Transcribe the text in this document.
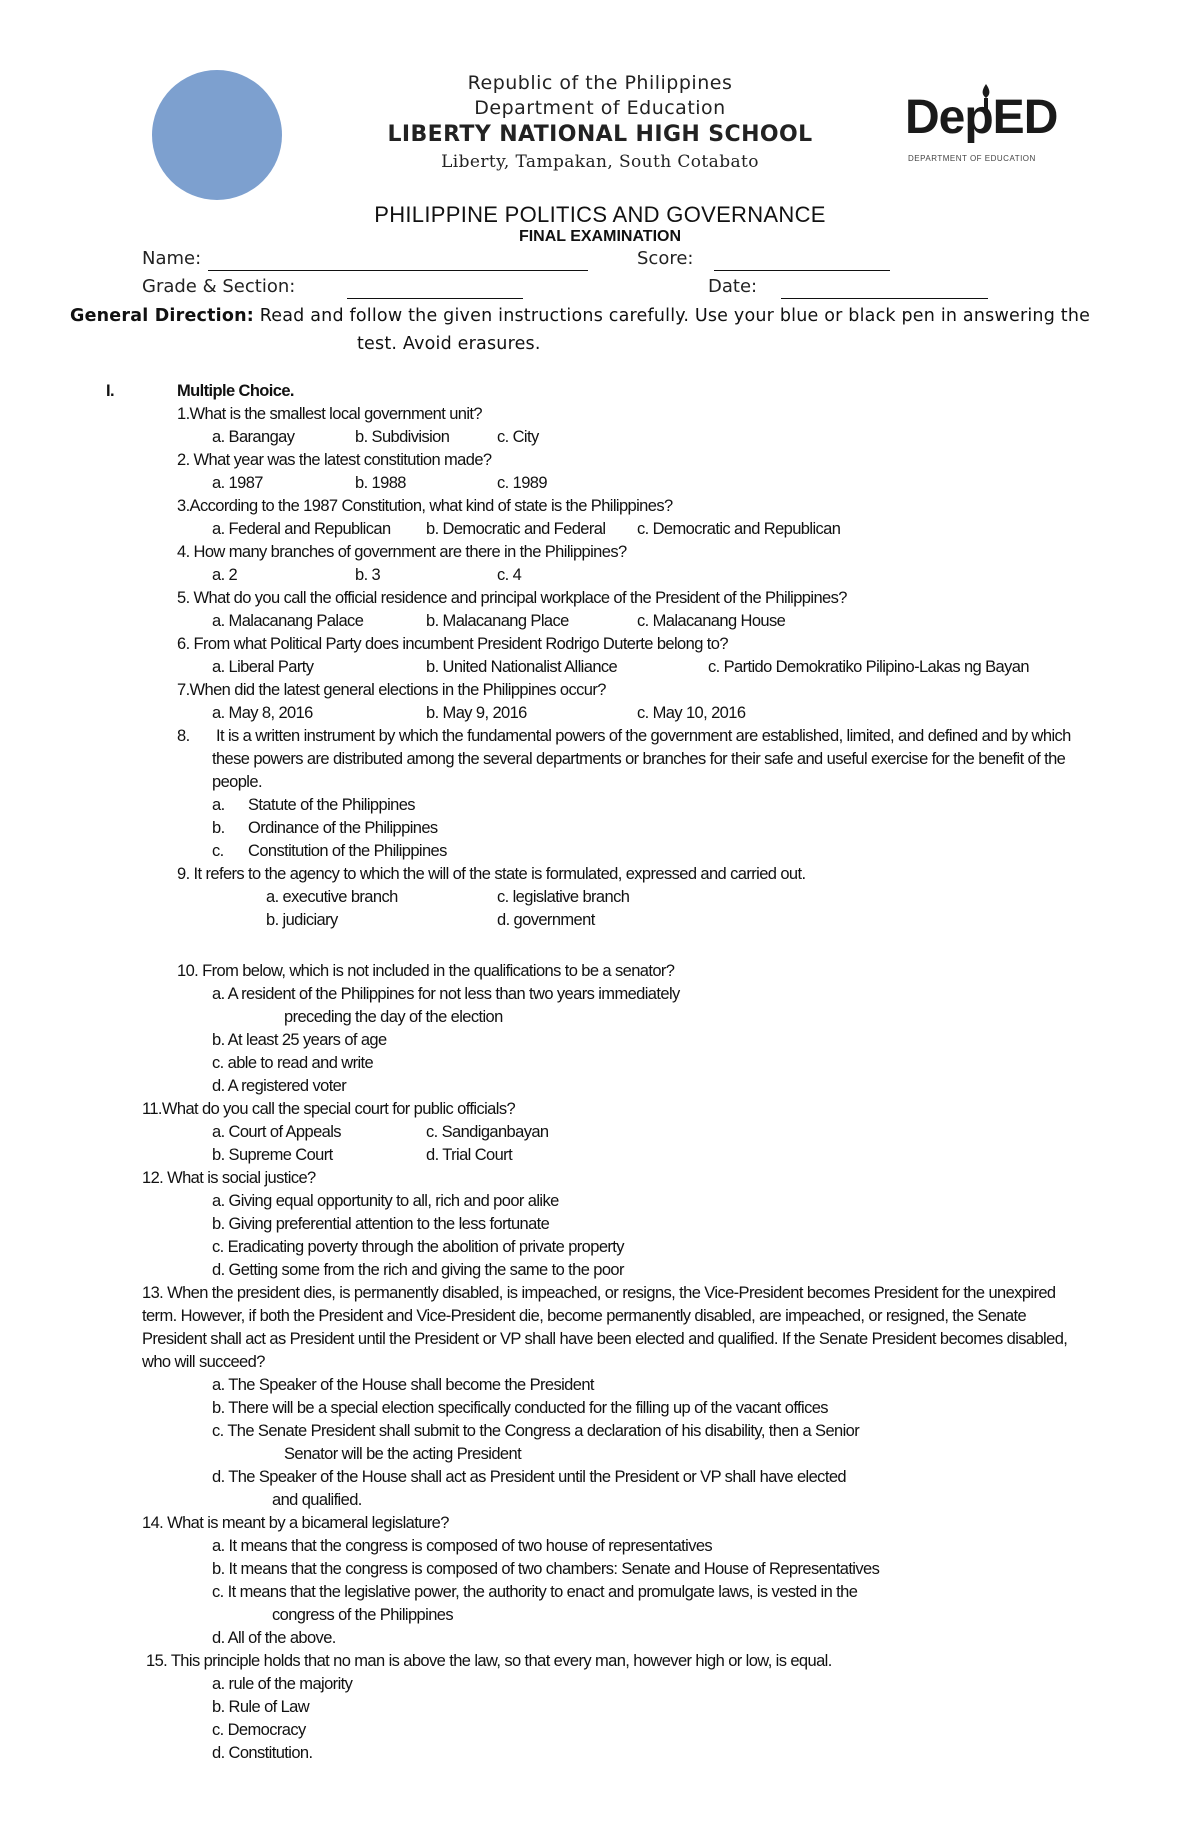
Republic of the Philippines
Department of Education
LIBERTY NATIONAL HIGH SCHOOL
Liberty, Tampakan, South Cotabato
DepED
DEPARTMENT OF EDUCATION
PHILIPPINE POLITICS AND GOVERNANCE
FINAL EXAMINATION
Name:	Score:
Grade & Section:	Date:
General Direction: Read and follow the given instructions carefully. Use your blue or black pen in answering the
test. Avoid erasures.
I.	Multiple Choice.
1.What is the smallest local government unit?
a. Barangay	b. Subdivision	c. City
2. What year was the latest constitution made?
a. 1987	b. 1988	c. 1989
3.According to the 1987 Constitution, what kind of state is the Philippines?
a. Federal and Republican b. Democratic and Federal c. Democratic and Republican
4. How many branches of government are there in the Philippines?
a. 2	b. 3	c. 4
5. What do you call the official residence and principal workplace of the President of the Philippines?
a. Malacanang Palace	b. Malacanang Place	c. Malacanang House
6. From what Political Party does incumbent President Rodrigo Duterte belong to?
a. Liberal Party	b. United Nationalist Alliance	c. Partido Demokratiko Pilipino-Lakas ng Bayan
7.When did the latest general elections in the Philippines occur?
a. May 8, 2016	b. May 9, 2016	c. May 10, 2016
8. It is a written instrument by which the fundamental powers of the government are established, limited, and defined and by which
these powers are distributed among the several departments or branches for their safe and useful exercise for the benefit of the
people.
a. Statute of the Philippines
b. Ordinance of the Philippines
c. Constitution of the Philippines
9. It refers to the agency to which the will of the state is formulated, expressed and carried out.
a. executive branch	c. legislative branch
b. judiciary	d. government
10. From below, which is not included in the qualifications to be a senator?
a. A resident of the Philippines for not less than two years immediately
preceding the day of the election
b. At least 25 years of age
c. able to read and write
d. A registered voter
11.What do you call the special court for public officials?
a. Court of Appeals	c. Sandiganbayan
b. Supreme Court	d. Trial Court
12. What is social justice?
a. Giving equal opportunity to all, rich and poor alike
b. Giving preferential attention to the less fortunate
c. Eradicating poverty through the abolition of private property
d. Getting some from the rich and giving the same to the poor
13. When the president dies, is permanently disabled, is impeached, or resigns, the Vice-President becomes President for the unexpired
term. However, if both the President and Vice-President die, become permanently disabled, are impeached, or resigned, the Senate
President shall act as President until the President or VP shall have been elected and qualified. If the Senate President becomes disabled,
who will succeed?
a. The Speaker of the House shall become the President
b. There will be a special election specifically conducted for the filling up of the vacant offices
c. The Senate President shall submit to the Congress a declaration of his disability, then a Senior
Senator will be the acting President
d. The Speaker of the House shall act as President until the President or VP shall have elected
and qualified.
14. What is meant by a bicameral legislature?
a. It means that the congress is composed of two house of representatives
b. It means that the congress is composed of two chambers: Senate and House of Representatives
c. It means that the legislative power, the authority to enact and promulgate laws, is vested in the
congress of the Philippines
d. All of the above.
15. This principle holds that no man is above the law, so that every man, however high or low, is equal.
a. rule of the majority
b. Rule of Law
c. Democracy
d. Constitution.
